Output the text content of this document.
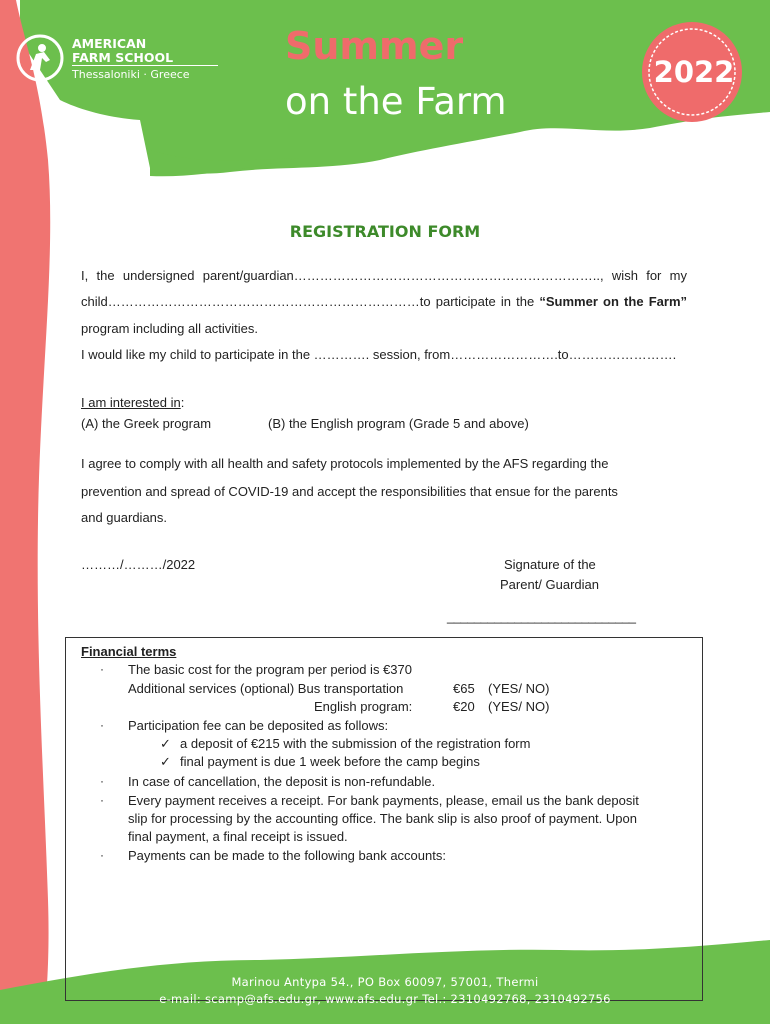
AMERICAN
FARM SCHOOL
Thessaloniki · Greece
Summer
on the Farm
2022
REGISTRATION FORM
I, the undersigned parent/guardian…………………………………………………………….., wish for my
child………………………………………………………………to participate in the “Summer on the Farm”
program including all activities.
I would like my child to participate in the …………. session, from…………………….to…………………….
I am interested in:
(A) the Greek program	(B) the English program (Grade 5 and above)
I agree to comply with all health and safety protocols implemented by the AFS regarding the
prevention and spread of COVID-19 and accept the responsibilities that ensue for the parents
and guardians.
………/………/2022	Signature of the
Parent/ Guardian
____________________________
Financial terms
· The basic cost for the program per period is €370
Additional services (optional) Bus transportation	€65 (YES/ NO)
English program:	€20 (YES/ NO)
· Participation fee can be deposited as follows:
✓ a deposit of €215 with the submission of the registration form
✓ final payment is due 1 week before the camp begins
· In case of cancellation, the deposit is non-refundable.
· Every payment receives a receipt. For bank payments, please, email us the bank deposit
slip for processing by the accounting office. The bank slip is also proof of payment. Upon
final payment, a final receipt is issued.
· Payments can be made to the following bank accounts:
Marinou Antypa 54., PO Box 60097, 57001, Thermi
e-mail: scamp@afs.edu.gr, www.afs.edu.gr Tel.: 2310492768, 2310492756
